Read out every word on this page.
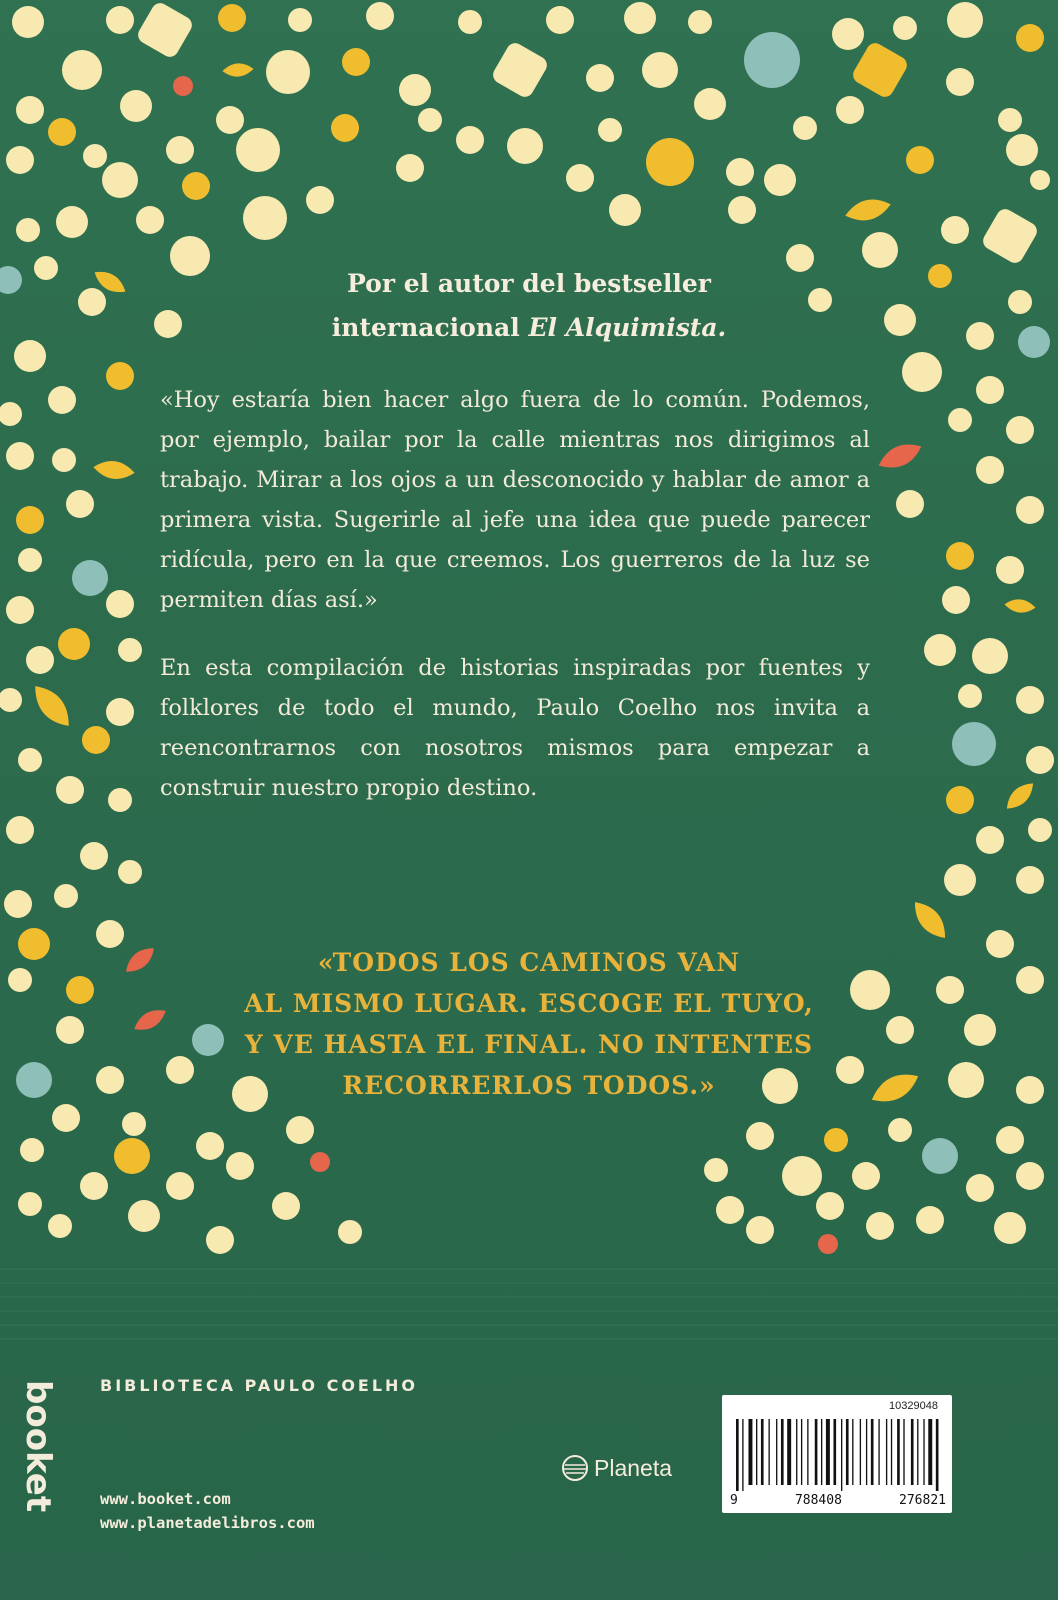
Por el autor del bestseller
internacional El Alquimista.

«Hoy estaría bien hacer algo fuera de lo común. Podemos, por ejemplo, bailar por la calle mientras nos dirigimos al trabajo. Mirar a los ojos a un desconocido y hablar de amor a primera vista. Sugerirle al jefe una idea que puede parecer ridícula, pero en la que creemos. Los guerreros de la luz se permiten días así.»

En esta compilación de historias inspiradas por fuentes y folklores de todo el mundo, Paulo Coelho nos invita a reencontrarnos con nosotros mismos para empezar a construir nuestro propio destino.

«TODOS LOS CAMINOS VAN
AL MISMO LUGAR. ESCOGE EL TUYO,
Y VE HASTA EL FINAL. NO INTENTES
RECORRERLOS TODOS.»
booket	BIBLIOTECA PAULO COELHO
www.booket.com
www.planetadelibros.com
Planeta
10329048
9	788408	276821
